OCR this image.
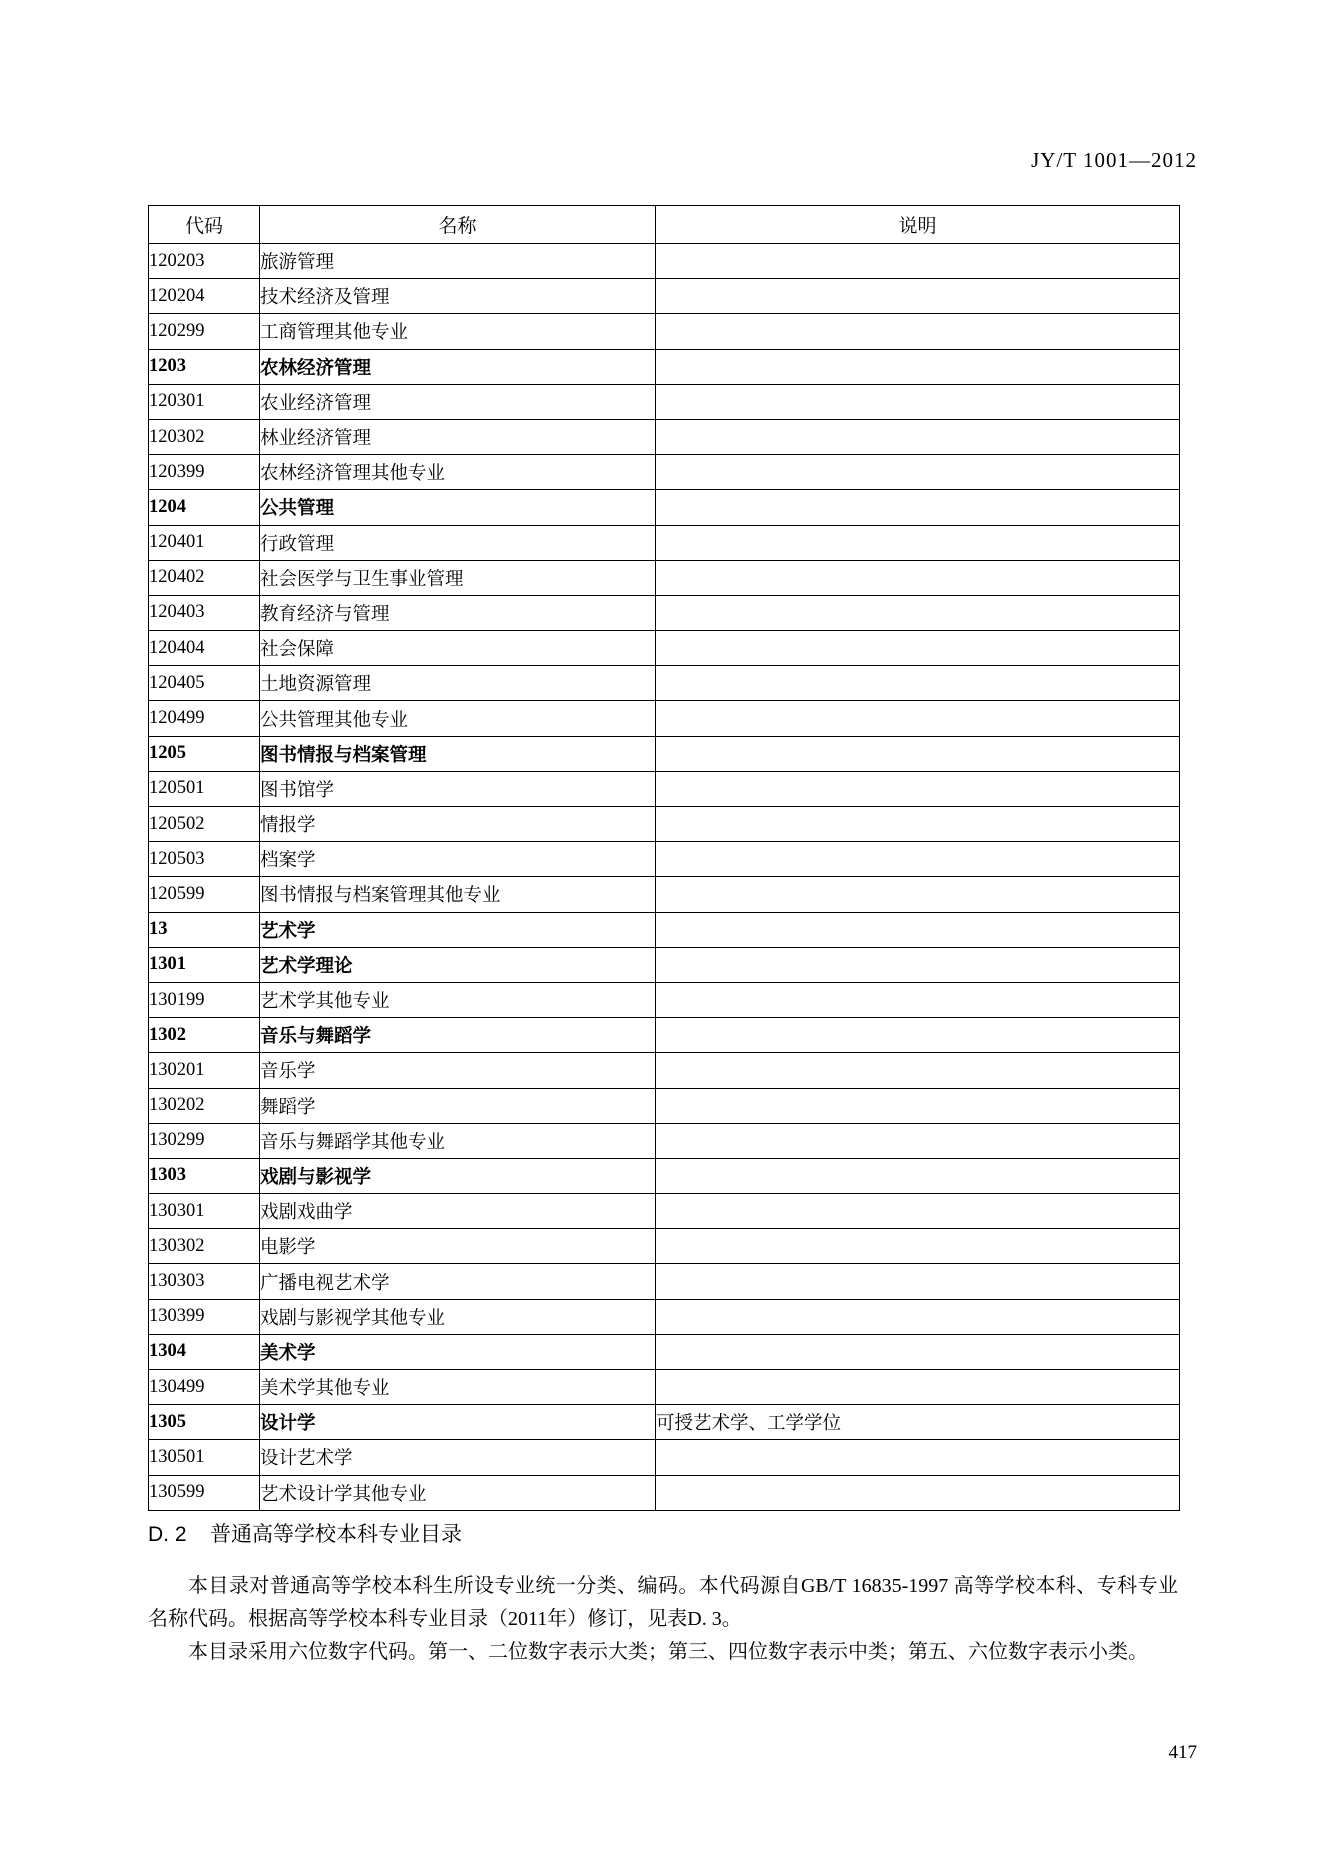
JY/T 1001—2012
代码	名称	说明
120203	旅游管理	
120204	技术经济及管理	
120299	工商管理其他专业	
1203	农林经济管理	
120301	农业经济管理	
120302	林业经济管理	
120399	农林经济管理其他专业	
1204	公共管理	
120401	行政管理	
120402	社会医学与卫生事业管理	
120403	教育经济与管理	
120404	社会保障	
120405	土地资源管理	
120499	公共管理其他专业	
1205	图书情报与档案管理	
120501	图书馆学	
120502	情报学	
120503	档案学	
120599	图书情报与档案管理其他专业	
13	艺术学	
1301	艺术学理论	
130199	艺术学其他专业	
1302	音乐与舞蹈学	
130201	音乐学	
130202	舞蹈学	
130299	音乐与舞蹈学其他专业	
1303	戏剧与影视学	
130301	戏剧戏曲学	
130302	电影学	
130303	广播电视艺术学	
130399	戏剧与影视学其他专业	
1304	美术学	
130499	美术学其他专业	
1305	设计学	可授艺术学、工学学位
130501	设计艺术学	
130599	艺术设计学其他专业	
D. 2 普通高等学校本科专业目录

本目录对普通高等学校本科生所设专业统一分类、编码。本代码源自GB/T 16835-1997 高等学校本科、专科专业名称代码。根据高等学校本科专业目录（2011年）修订，见表D. 3。

本目录采用六位数字代码。第一、二位数字表示大类；第三、四位数字表示中类；第五、六位数字表示小类。

417
